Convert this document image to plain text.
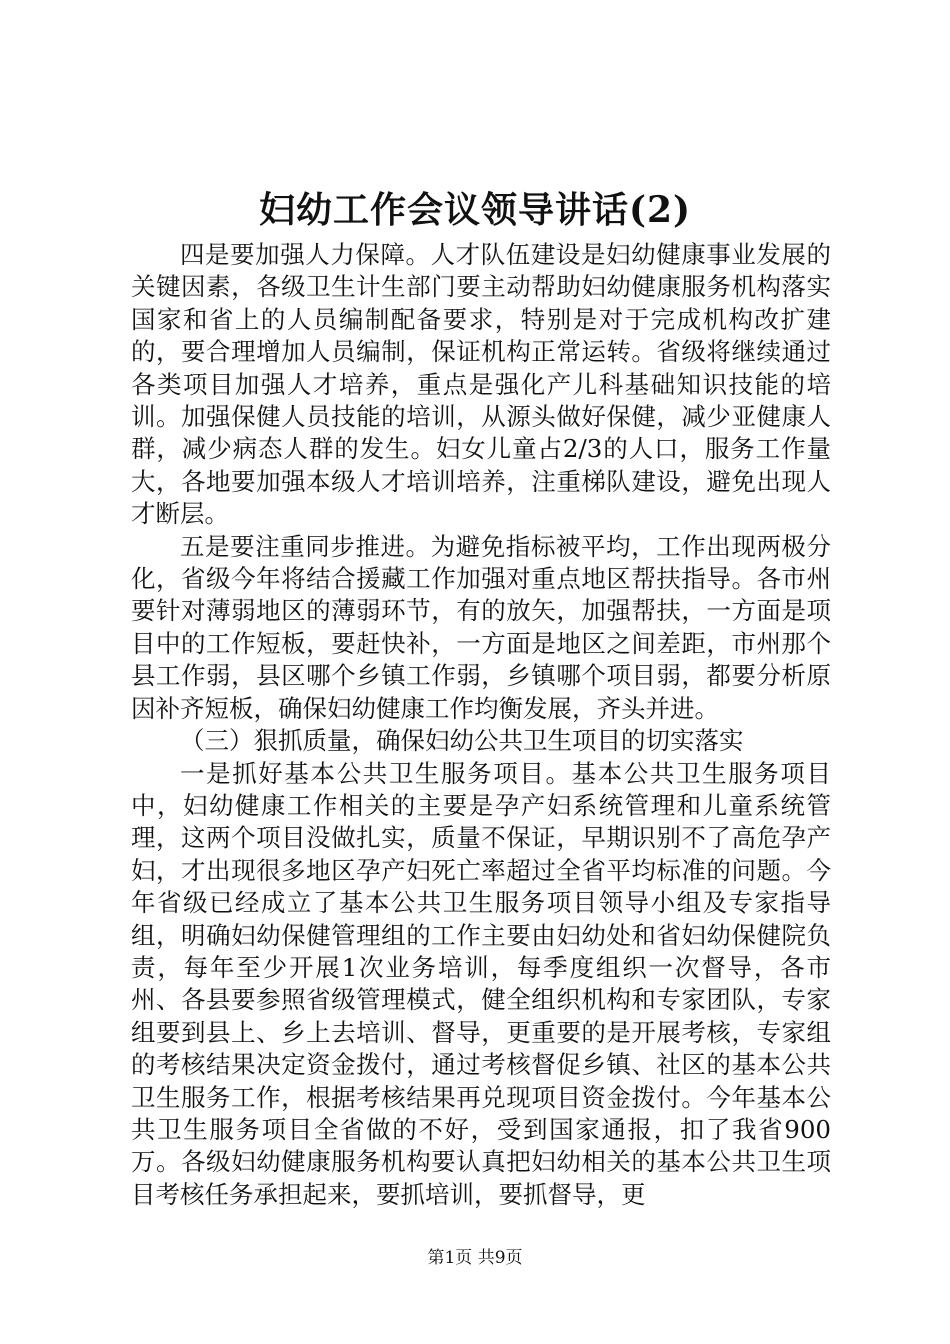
妇幼工作会议领导讲话(2)

四是要加强人力保障。人才队伍建设是妇幼健康事业发展的关键因素，各级卫生计生部门要主动帮助妇幼健康服务机构落实国家和省上的人员编制配备要求，特别是对于完成机构改扩建的，要合理增加人员编制，保证机构正常运转。省级将继续通过各类项目加强人才培养，重点是强化产儿科基础知识技能的培训。加强保健人员技能的培训，从源头做好保健，减少亚健康人群，减少病态人群的发生。妇女儿童占2/3的人口，服务工作量大，各地要加强本级人才培训培养，注重梯队建设，避免出现人才断层。

五是要注重同步推进。为避免指标被平均，工作出现两极分化，省级今年将结合援藏工作加强对重点地区帮扶指导。各市州要针对薄弱地区的薄弱环节，有的放矢，加强帮扶，一方面是项目中的工作短板，要赶快补，一方面是地区之间差距，市州那个县工作弱，县区哪个乡镇工作弱，乡镇哪个项目弱，都要分析原因补齐短板，确保妇幼健康工作均衡发展，齐头并进。

（三）狠抓质量，确保妇幼公共卫生项目的切实落实

一是抓好基本公共卫生服务项目。基本公共卫生服务项目中，妇幼健康工作相关的主要是孕产妇系统管理和儿童系统管理，这两个项目没做扎实，质量不保证，早期识别不了高危孕产妇，才出现很多地区孕产妇死亡率超过全省平均标准的问题。今年省级已经成立了基本公共卫生服务项目领导小组及专家指导组，明确妇幼保健管理组的工作主要由妇幼处和省妇幼保健院负责，每年至少开展1次业务培训，每季度组织一次督导，各市州、各县要参照省级管理模式，健全组织机构和专家团队，专家组要到县上、乡上去培训、督导，更重要的是开展考核，专家组的考核结果决定资金拨付，通过考核督促乡镇、社区的基本公共卫生服务工作，根据考核结果再兑现项目资金拨付。今年基本公共卫生服务项目全省做的不好，受到国家通报，扣了我省900万。各级妇幼健康服务机构要认真把妇幼相关的基本公共卫生项目考核任务承担起来，要抓培训，要抓督导，更

第1页 共9页
